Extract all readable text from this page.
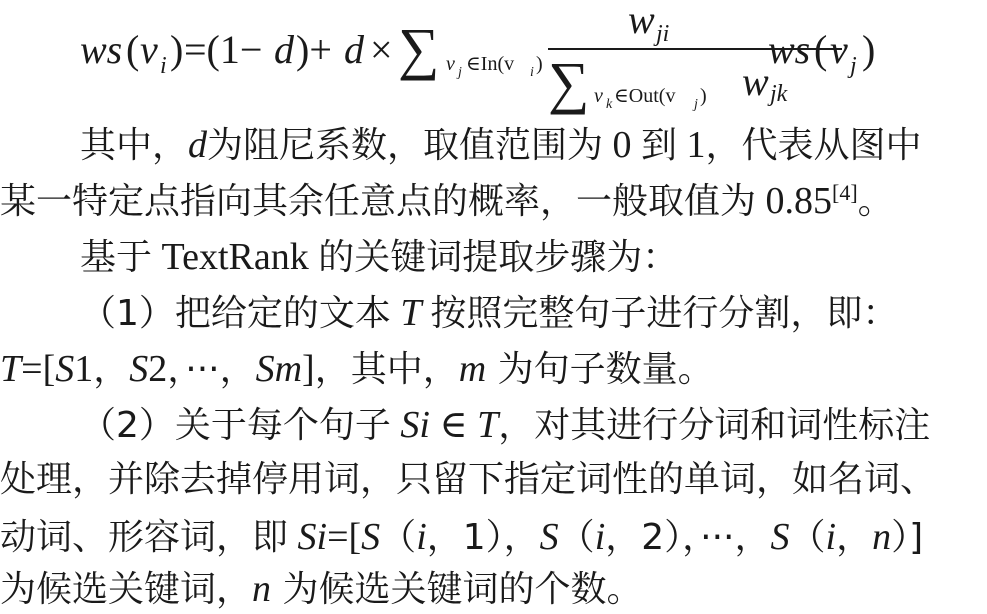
ws ( v i ) =(1− d )+ d × ∑ v j ∈In(v i )
w ji
∑ v k ∈Out(v j ) w jk
ws ( v j )
其中，d为阻尼系数，取值范围为 0 到 1，代表从图中
某一特定点指向其余任意点的概率，一般取值为 0.85[4]。
基于 TextRank 的关键词提取步骤为：
（1）把给定的文本 T 按照完整句子进行分割，即：
T=[S1，S2，···，Sm]，其中，m 为句子数量。
（2）关于每个句子 Si ∈ T，对其进行分词和词性标注
处理，并除去掉停用词，只留下指定词性的单词，如名词、
动词、形容词，即 Si=[S（i，1），S（i，2），···，S（i，n）]
为候选关键词，n 为候选关键词的个数。
